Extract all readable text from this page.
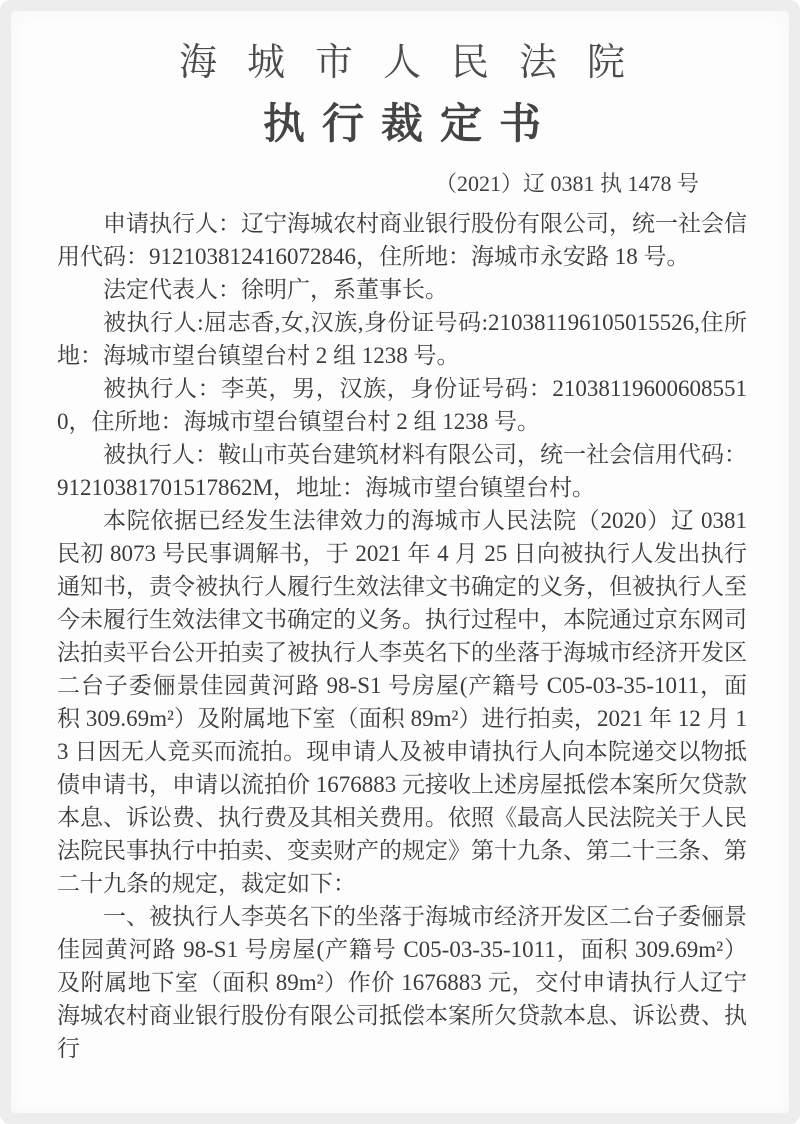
海城市人民法院
执行裁定书
（2021）辽 0381 执 1478 号

申请执行人：辽宁海城农村商业银行股份有限公司，统一社会信用代码：912103812416072846，住所地：海城市永安路 18 号。

法定代表人：徐明广，系董事长。

被执行人:屈志香,女,汉族,身份证号码:210381196105015526,住所地：海城市望台镇望台村 2 组 1238 号。

被执行人：李英，男，汉族，身份证号码：210381196006085510，住所地：海城市望台镇望台村 2 组 1238 号。

被执行人：鞍山市英台建筑材料有限公司，统一社会信用代码：91210381701517862M，地址：海城市望台镇望台村。

本院依据已经发生法律效力的海城市人民法院（2020）辽 0381 民初 8073 号民事调解书，于 2021 年 4 月 25 日向被执行人发出执行通知书，责令被执行人履行生效法律文书确定的义务，但被执行人至今未履行生效法律文书确定的义务。执行过程中，本院通过京东网司法拍卖平台公开拍卖了被执行人李英名下的坐落于海城市经济开发区二台子委俪景佳园黄河路 98-S1 号房屋(产籍号 C05-03-35-1011，面积 309.69m²）及附属地下室（面积 89m²）进行拍卖，2021 年 12 月 13 日因无人竞买而流拍。现申请人及被申请执行人向本院递交以物抵债申请书，申请以流拍价 1676883 元接收上述房屋抵偿本案所欠贷款本息、诉讼费、执行费及其相关费用。依照《最高人民法院关于人民法院民事执行中拍卖、变卖财产的规定》第十九条、第二十三条、第二十九条的规定，裁定如下：

一、被执行人李英名下的坐落于海城市经济开发区二台子委俪景佳园黄河路 98-S1 号房屋(产籍号 C05-03-35-1011，面积 309.69m²）及附属地下室（面积 89m²）作价 1676883 元，交付申请执行人辽宁海城农村商业银行股份有限公司抵偿本案所欠贷款本息、诉讼费、执行
